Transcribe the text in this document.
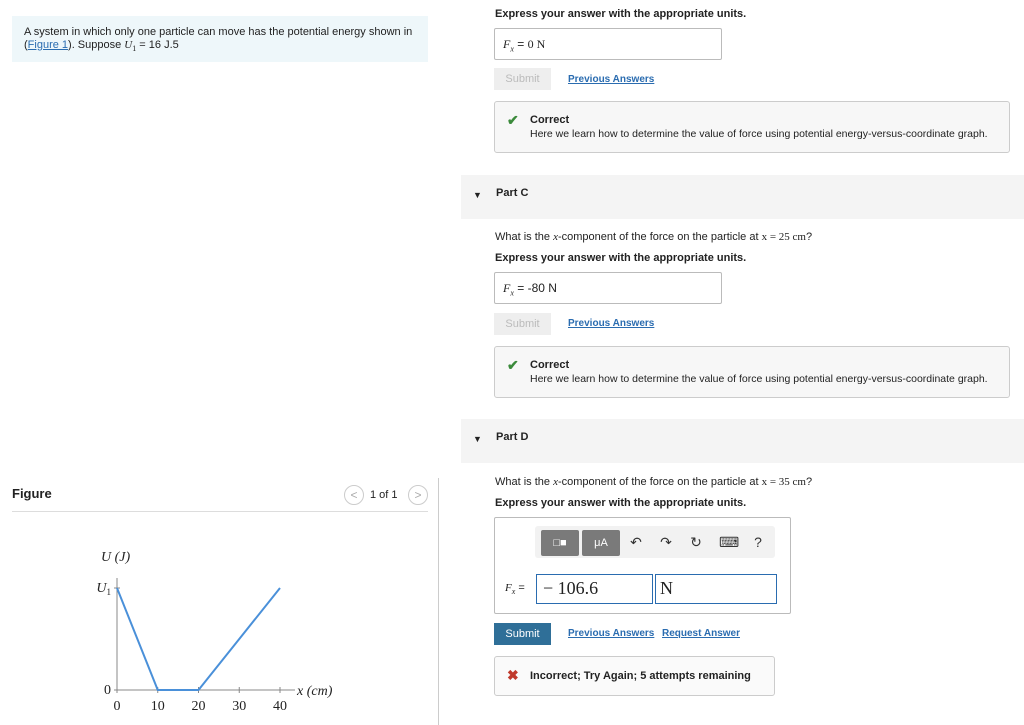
A system in which only one particle can move has the potential energy shown in (Figure 1). Suppose $U_1 = 16$ J.5
Figure	<	1 of 1	>
U (J)
x (cm)
0 10 20 30 40
$U_1$
0
Express your answer with the appropriate units.
$F_x = 0$ N
Submit	Previous Answers
✔ Correct
Here we learn how to determine the value of force using potential energy-versus-coordinate graph.
▼ Part C
What is the x-component of the force on the particle at x = 25 cm?
Express your answer with the appropriate units.
$F_x = -80$ N
Submit	Previous Answers
✔ Correct
Here we learn how to determine the value of force using potential energy-versus-coordinate graph.
▼ Part D
What is the x-component of the force on the particle at x = 35 cm?
Express your answer with the appropriate units.
□■	μA	↶ ↷ ↻ ⌨	?
$F_x$ =	− 106.6	N
Submit	Previous Answers Request Answer
✖ Incorrect; Try Again; 5 attempts remaining
